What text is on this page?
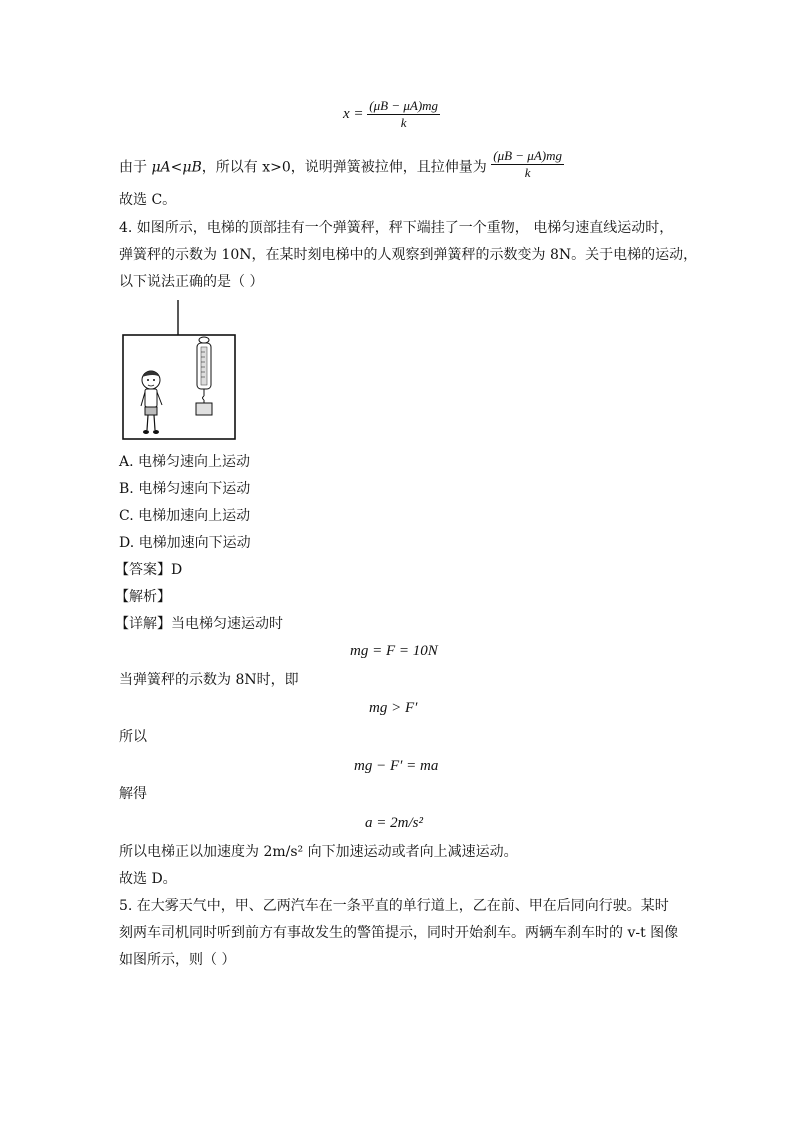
$x = \frac{(\mu B - \mu A)mg}{k}$
由于 μA<μB，所以有 x>0，说明弹簧被拉伸，且拉伸量为 $\frac{(\mu B - \mu A)mg}{k}$
故选 C。
4. 如图所示，电梯的顶部挂有一个弹簧秤，秤下端挂了一个重物， 电梯匀速直线运动时，
弹簧秤的示数为 10N，在某时刻电梯中的人观察到弹簧秤的示数变为 8N。关于电梯的运动，
以下说法正确的是（ ）
A. 电梯匀速向上运动
B. 电梯匀速向下运动
C. 电梯加速向上运动
D. 电梯加速向下运动
【答案】D
【解析】
【详解】当电梯匀速运动时
mg = F = 10N
当弹簧秤的示数为 8N时，即
mg > F′
所以
mg − F′ = ma
解得
a = 2m/s²
所以电梯正以加速度为 2m/s² 向下加速运动或者向上减速运动。
故选 D。
5. 在大雾天气中，甲、乙两汽车在一条平直的单行道上，乙在前、甲在后同向行驶。某时
刻两车司机同时听到前方有事故发生的警笛提示，同时开始刹车。两辆车刹车时的 v-t 图像
如图所示，则（ ）
